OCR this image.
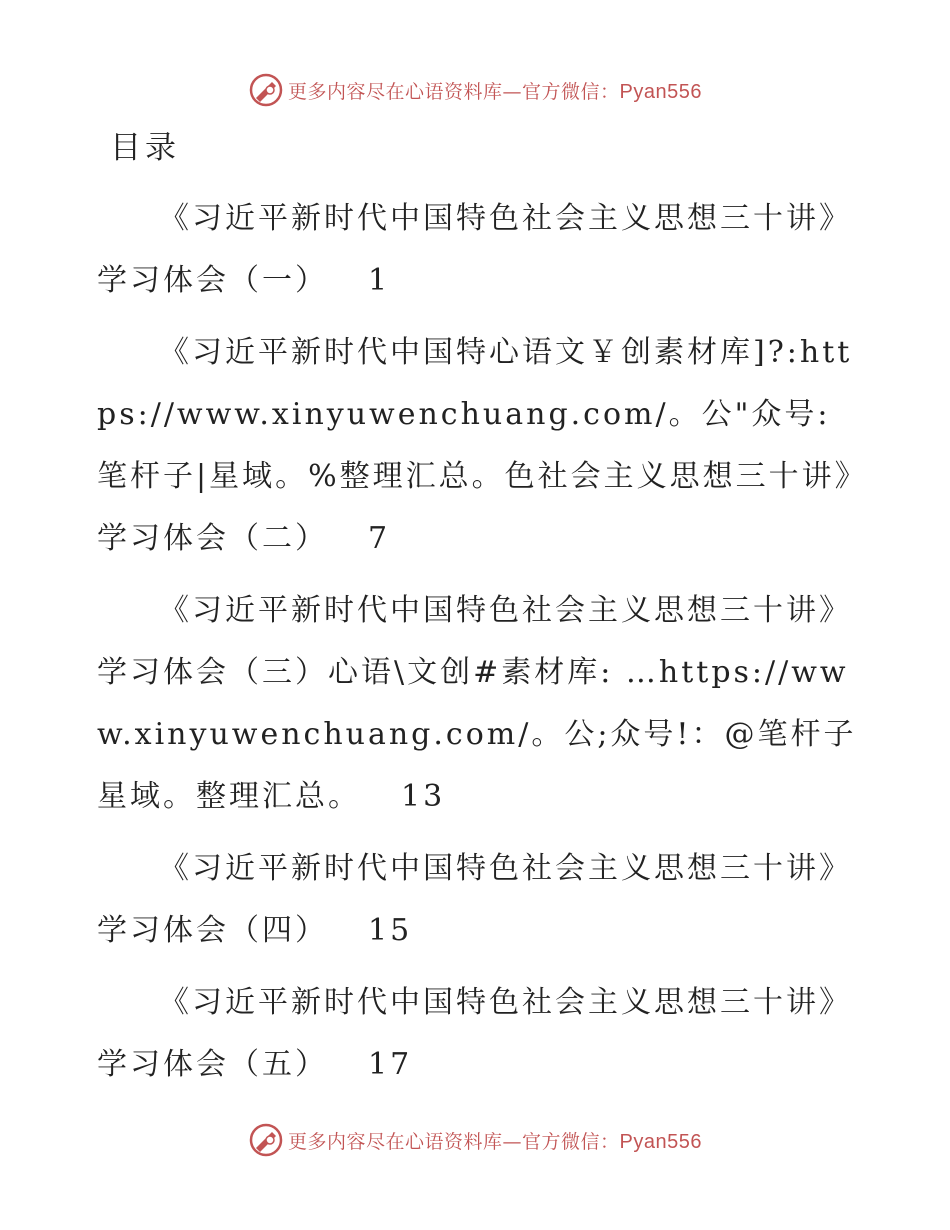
更多内容尽在心语资料库—官方微信：Pyan556
目录

《习近平新时代中国特色社会主义思想三十讲》学习体会（一） 1

《习近平新时代中国特心语文￥创素材库]?:https://www.xinyuwenchuang.com/。公"众号: 笔杆子|星域。%整理汇总。色社会主义思想三十讲》学习体会（二） 7

《习近平新时代中国特色社会主义思想三十讲》学习体会（三）心语\文创#素材库: …https://www.xinyuwenchuang.com/。公;众号!：@笔杆子星域。整理汇总。 13

《习近平新时代中国特色社会主义思想三十讲》学习体会（四） 15

《习近平新时代中国特色社会主义思想三十讲》学习体会（五） 17

更多内容尽在心语资料库—官方微信：Pyan556
